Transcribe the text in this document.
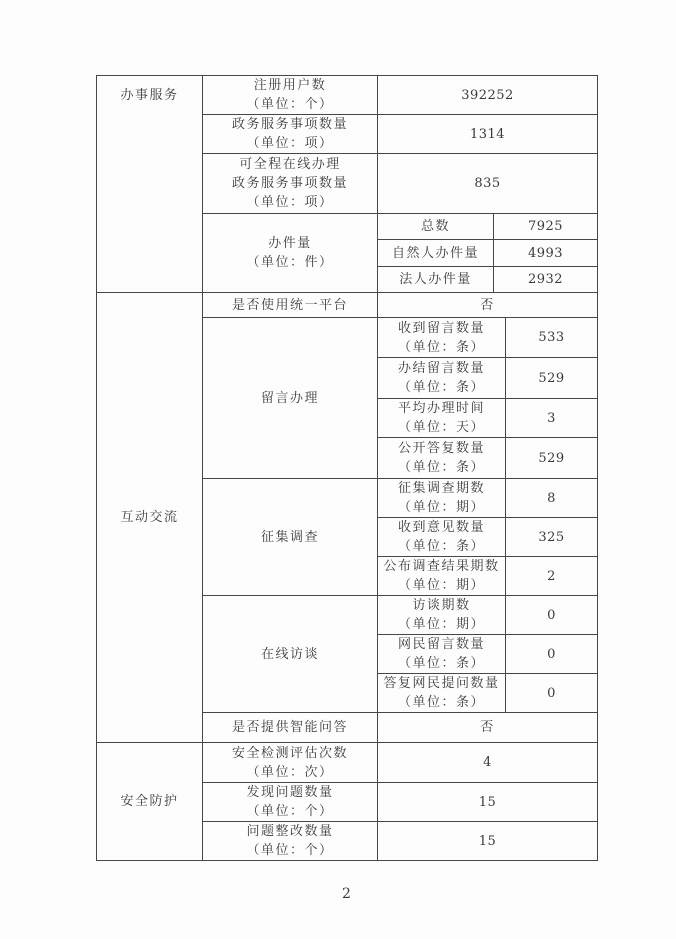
办事服务	注册用户数
（单位：个）	392252		

	政务服务事项数量
（单位：项）	1314		

	可全程在线办理
政务服务事项数量
（单位：项）	835		

	办件量
（单位：件）	总数	7925	
		自然人办件量	4993	
		法人办件量	2932	
互动交流	是否使用统一平台	否		
	留言办理	收到留言数量
（单位：条）		533

		办结留言数量
（单位：条）		529

		平均办理时间
（单位：天）		3

		公开答复数量
（单位：条）		529
	征集调查	征集调查期数
（单位：期）		8

		收到意见数量
（单位：条）		325

		公布调查结果期数
（单位：期）		2
	在线访谈	访谈期数
（单位：期）		0

		网民留言数量
（单位：条）		0

		答复网民提问数量
（单位：条）		0
	是否提供智能问答	否		
安全防护	安全检测评估次数
（单位：次）	4		

	发现问题数量
（单位：个）	15		

	问题整改数量
（单位：个）	15		
2
